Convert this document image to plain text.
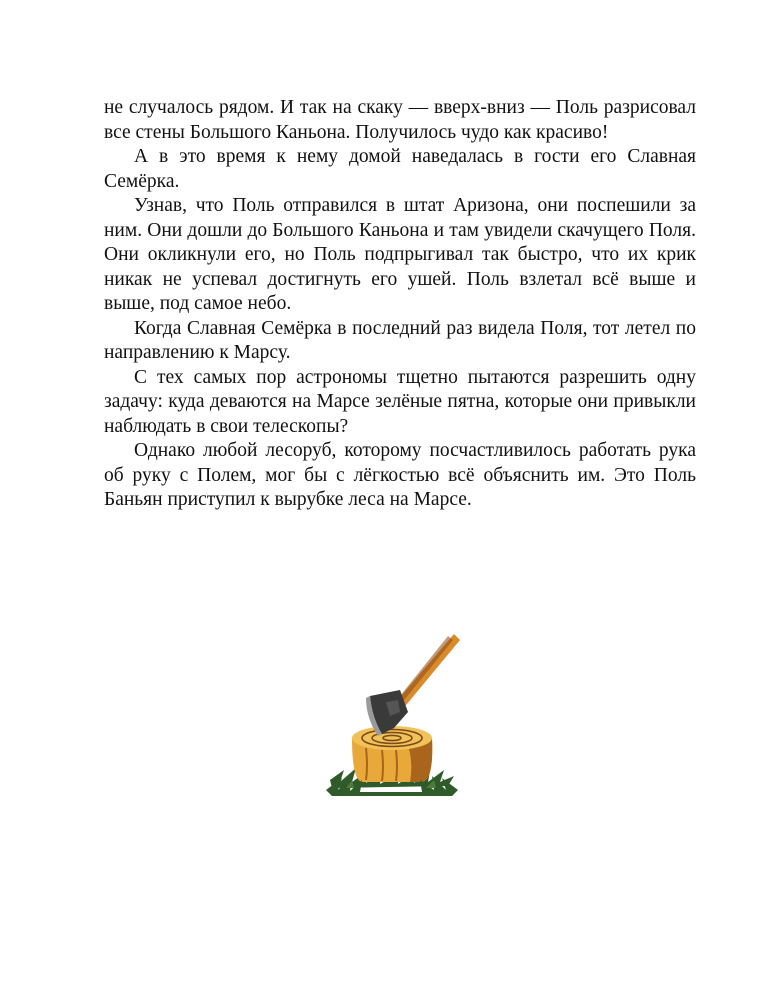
не случалось рядом. И так на скаку — вверх-вниз — Поль разрисовал все стены Большого Каньона. Получилось чудо как красиво!

А в это время к нему домой наведалась в гости его Славная Семёрка.

Узнав, что Поль отправился в штат Аризона, они поспешили за ним. Они дошли до Большого Каньона и там увидели скачущего Поля. Они окликнули его, но Поль подпрыгивал так быстро, что их крик никак не успевал достигнуть его ушей. Поль взлетал всё выше и выше, под самое небо.

Когда Славная Семёрка в последний раз видела Поля, тот летел по направлению к Марсу.

С тех самых пор астрономы тщетно пытаются разрешить одну задачу: куда деваются на Марсе зелёные пятна, которые они привыкли наблюдать в свои телескопы?

Однако любой лесоруб, которому посчастливилось работать рука об руку с Полем, мог бы с лёгкостью всё объяснить им. Это Поль Баньян приступил к вырубке леса на Марсе.
